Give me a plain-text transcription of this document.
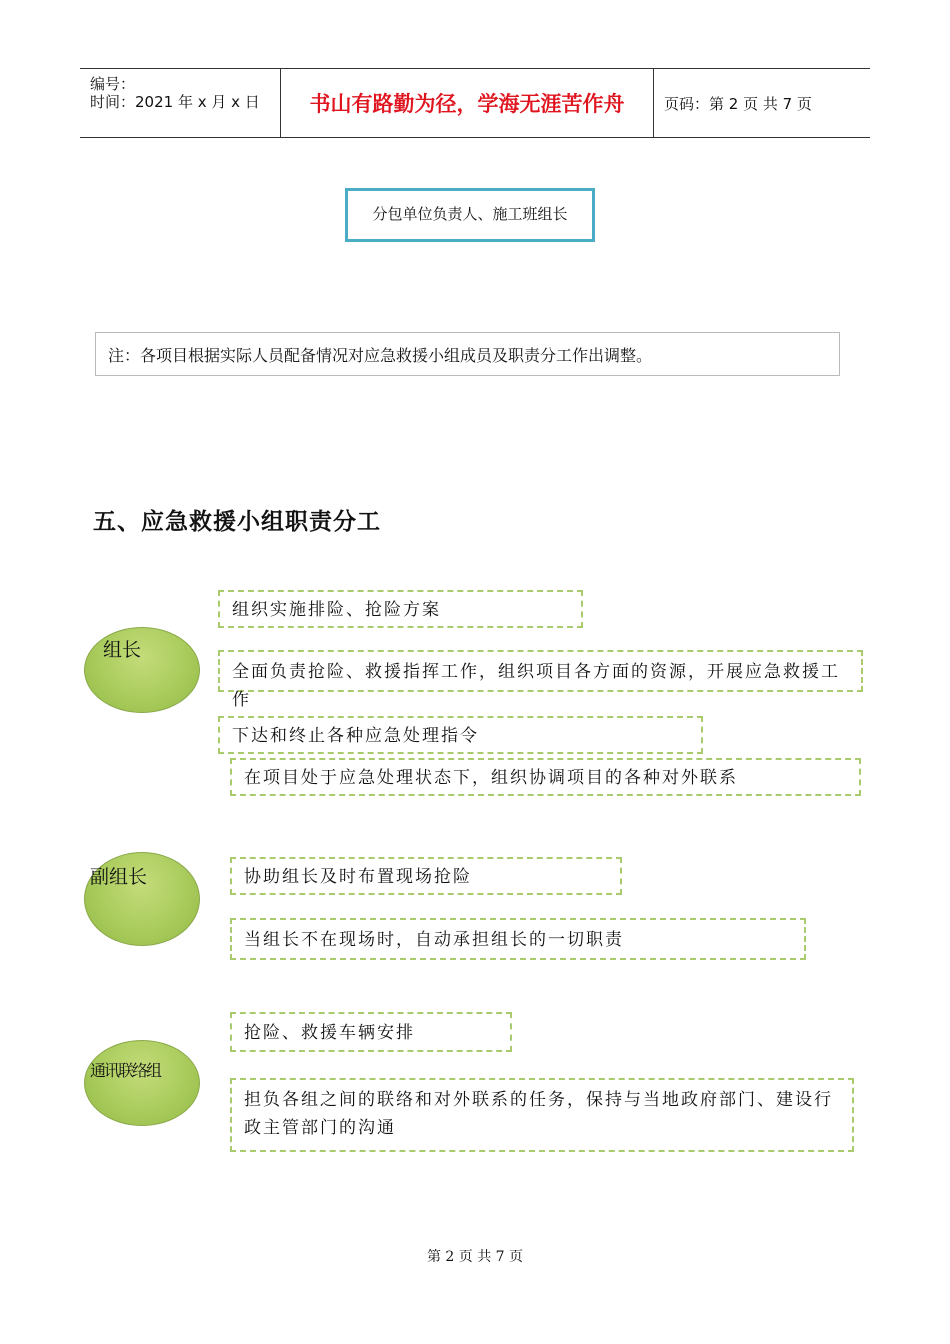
编号：
时间：2021 年 x 月 x 日	书山有路勤为径，学海无涯苦作舟	页码：第 2 页 共 7 页
分包单位负责人、施工班组长
注：各项目根据实际人员配备情况对应急救援小组成员及职责分工作出调整。
五、应急救援小组职责分工
组长
组织实施排险、抢险方案
全面负责抢险、救援指挥工作，组织项目各方面的资源，开展应急救援工作
下达和终止各种应急处理指令
在项目处于应急处理状态下，组织协调项目的各种对外联系
副组长	协助组长及时布置现场抢险
当组长不在现场时，自动承担组长的一切职责
通讯联络组
抢险、救援车辆安排
担负各组之间的联络和对外联系的任务，保持与当地政府部门、建设行政主管部门的沟通
第 2 页 共 7 页
